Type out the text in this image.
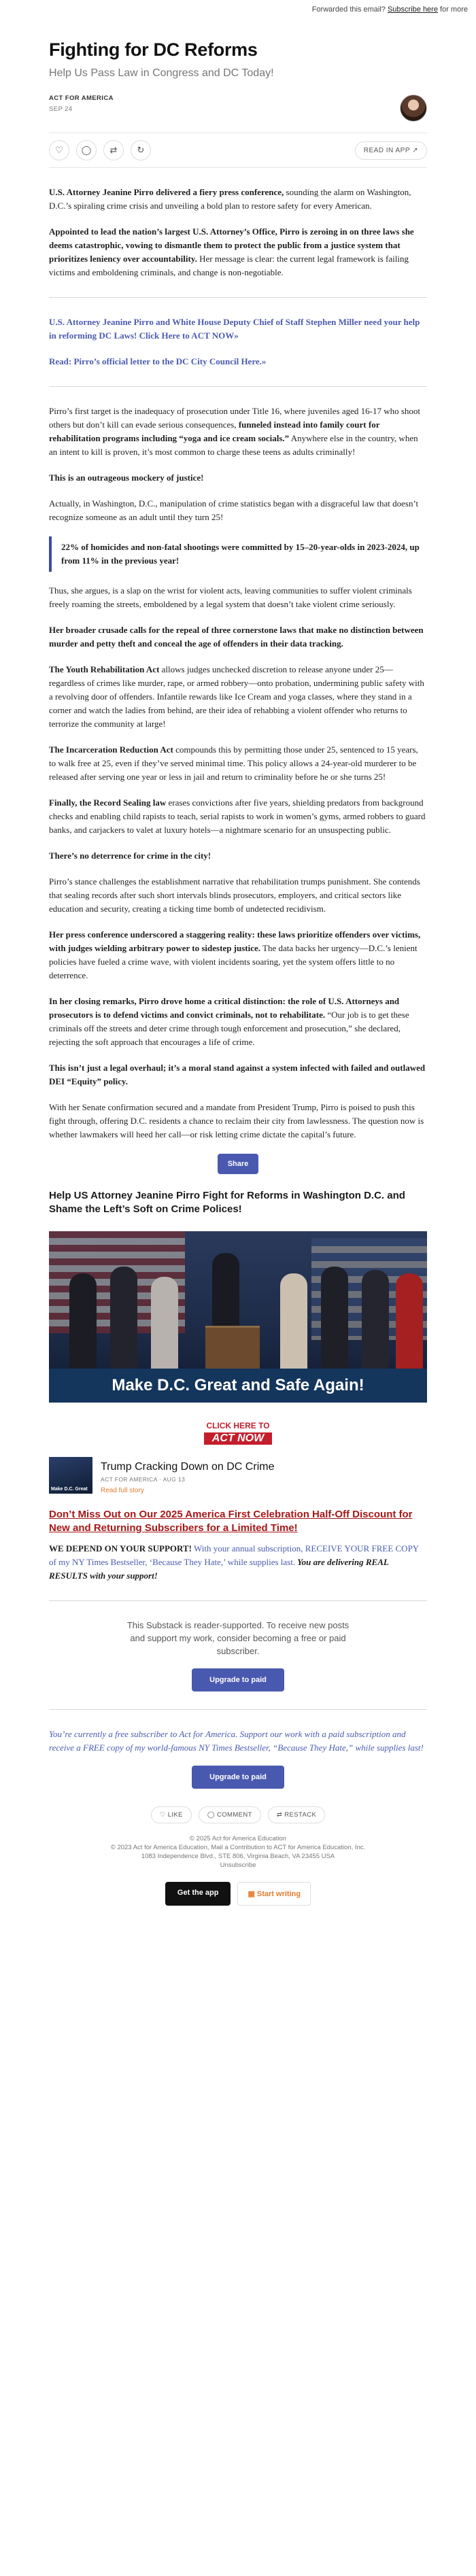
Forwarded this email? Subscribe here for more
Fighting for DC Reforms
Help Us Pass Law in Congress and DC Today!
ACT FOR AMERICA
SEP 24
♡	◯	⇄	↻	READ IN APP ↗

U.S. Attorney Jeanine Pirro delivered a fiery press conference, sounding the alarm on Washington, D.C.’s spiraling crime crisis and unveiling a bold plan to restore safety for every American.

Appointed to lead the nation’s largest U.S. Attorney’s Office, Pirro is zeroing in on three laws she deems catastrophic, vowing to dismantle them to protect the public from a justice system that prioritizes leniency over accountability. Her message is clear: the current legal framework is failing victims and emboldening criminals, and change is non-negotiable.

U.S. Attorney Jeanine Pirro and White House Deputy Chief of Staff Stephen Miller need your help in reforming DC Laws! Click Here to ACT NOW»

Read: Pirro’s official letter to the DC City Council Here.»

Pirro’s first target is the inadequacy of prosecution under Title 16, where juveniles aged 16-17 who shoot others but don’t kill can evade serious consequences, funneled instead into family court for rehabilitation programs including “yoga and ice cream socials.” Anywhere else in the country, when an intent to kill is proven, it’s most common to charge these teens as adults criminally!

This is an outrageous mockery of justice!

Actually, in Washington, D.C., manipulation of crime statistics began with a disgraceful law that doesn’t recognize someone as an adult until they turn 25!

22% of homicides and non-fatal shootings were committed by 15–20-year-olds in 2023-2024, up from 11% in the previous year!

Thus, she argues, is a slap on the wrist for violent acts, leaving communities to suffer violent criminals freely roaming the streets, emboldened by a legal system that doesn’t take violent crime seriously.

Her broader crusade calls for the repeal of three cornerstone laws that make no distinction between murder and petty theft and conceal the age of offenders in their data tracking.

The Youth Rehabilitation Act allows judges unchecked discretion to release anyone under 25—regardless of crimes like murder, rape, or armed robbery—onto probation, undermining public safety with a revolving door of offenders. Infantile rewards like Ice Cream and yoga classes, where they stand in a corner and watch the ladies from behind, are their idea of rehabbing a violent offender who returns to terrorize the community at large!

The Incarceration Reduction Act compounds this by permitting those under 25, sentenced to 15 years, to walk free at 25, even if they’ve served minimal time. This policy allows a 24-year-old murderer to be released after serving one year or less in jail and return to criminality before he or she turns 25!

Finally, the Record Sealing law erases convictions after five years, shielding predators from background checks and enabling child rapists to teach, serial rapists to work in women’s gyms, armed robbers to guard banks, and carjackers to valet at luxury hotels—a nightmare scenario for an unsuspecting public.

There’s no deterrence for crime in the city!

Pirro’s stance challenges the establishment narrative that rehabilitation trumps punishment. She contends that sealing records after such short intervals blinds prosecutors, employers, and critical sectors like education and security, creating a ticking time bomb of undetected recidivism.

Her press conference underscored a staggering reality: these laws prioritize offenders over victims, with judges wielding arbitrary power to sidestep justice. The data backs her urgency—D.C.’s lenient policies have fueled a crime wave, with violent incidents soaring, yet the system offers little to no deterrence.

In her closing remarks, Pirro drove home a critical distinction: the role of U.S. Attorneys and prosecutors is to defend victims and convict criminals, not to rehabilitate. “Our job is to get these criminals off the streets and deter crime through tough enforcement and prosecution,” she declared, rejecting the soft approach that encourages a life of crime.

This isn’t just a legal overhaul; it’s a moral stand against a system infected with failed and outlawed DEI “Equity” policy.

With her Senate confirmation secured and a mandate from President Trump, Pirro is poised to push this fight through, offering D.C. residents a chance to reclaim their city from lawlessness. The question now is whether lawmakers will heed her call—or risk letting crime dictate the capital’s future.

Share
Help US Attorney Jeanine Pirro Fight for Reforms in Washington D.C. and Shame the Left’s Soft on Crime Polices!
Make D.C. Great and Safe Again!
CLICK HERE TO
ACT NOW
Make D.C. Great
Trump Cracking Down on DC Crime
ACT FOR AMERICA · AUG 13
Read full story
Don’t Miss Out on Our 2025 America First Celebration Half-Off Discount for New and Returning Subscribers for a Limited Time!

WE DEPEND ON YOUR SUPPORT! With your annual subscription, RECEIVE YOUR FREE COPY of my NY Times Bestseller, ‘Because They Hate,’ while supplies last. You are delivering REAL RESULTS with your support!

This Substack is reader-supported. To receive new posts and support my work, consider becoming a free or paid subscriber.
Upgrade to paid
You’re currently a free subscriber to Act for America. Support our work with a paid subscription and receive a FREE copy of my world-famous NY Times Bestseller, “Because They Hate,” while supplies last!
Upgrade to paid
♡ LIKE	◯ COMMENT	⇄ RESTACK
© 2025 Act for America Education
© 2023 Act for America Education, Mail a Contribution to ACT for America Education, Inc.
1083 Independence Blvd., STE 806, Virginia Beach, VA 23455 USA
Unsubscribe
Get the app	▦ Start writing
